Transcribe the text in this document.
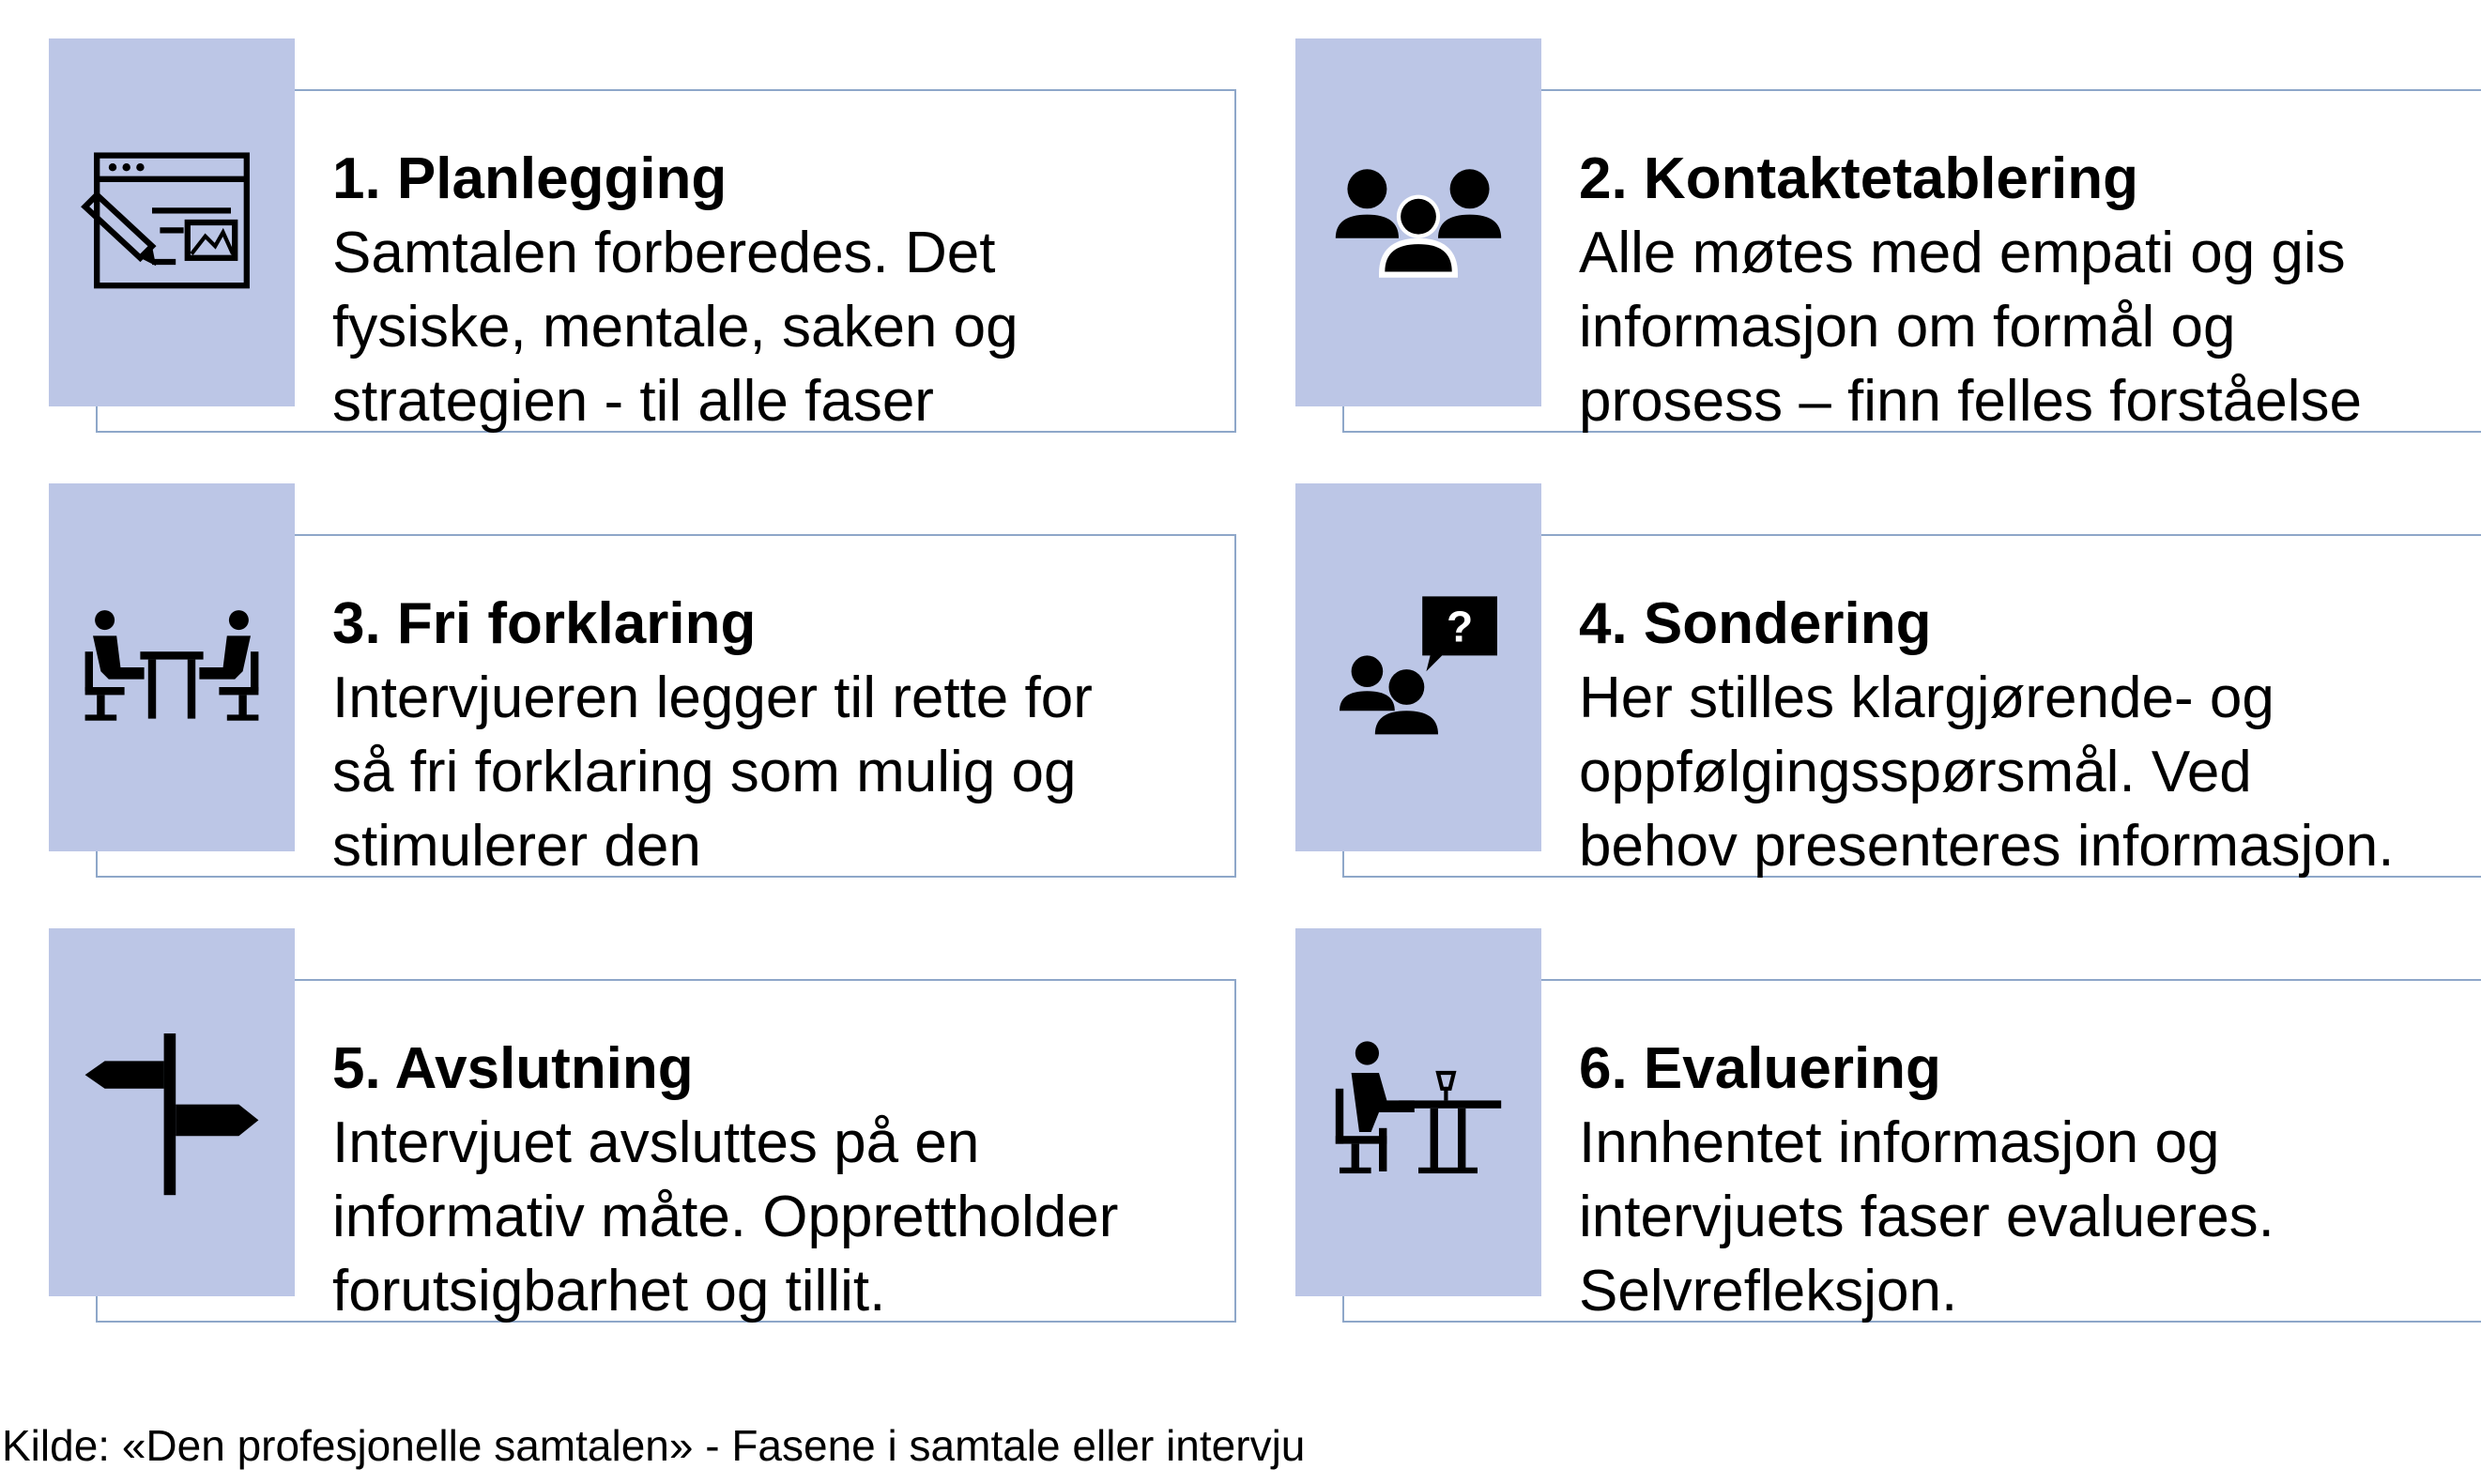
1. Planlegging

Samtalen forberedes. Det
fysiske, mentale, saken og
strategien - til alle faser

2. Kontaktetablering

Alle møtes med empati og gis
informasjon om formål og
prosess – finn felles forståelse

3. Fri forklaring

Intervjueren legger til rette for
så fri forklaring som mulig og
stimulerer den

? 4. Sondering

Her stilles klargjørende- og
oppfølgingsspørsmål. Ved
behov presenteres informasjon.

5. Avslutning

Intervjuet avsluttes på en
informativ måte. Opprettholder
forutsigbarhet og tillit.

6. Evaluering

Innhentet informasjon og
intervjuets faser evalueres.
Selvrefleksjon.

Kilde: «Den profesjonelle samtalen» - Fasene i samtale eller intervju
